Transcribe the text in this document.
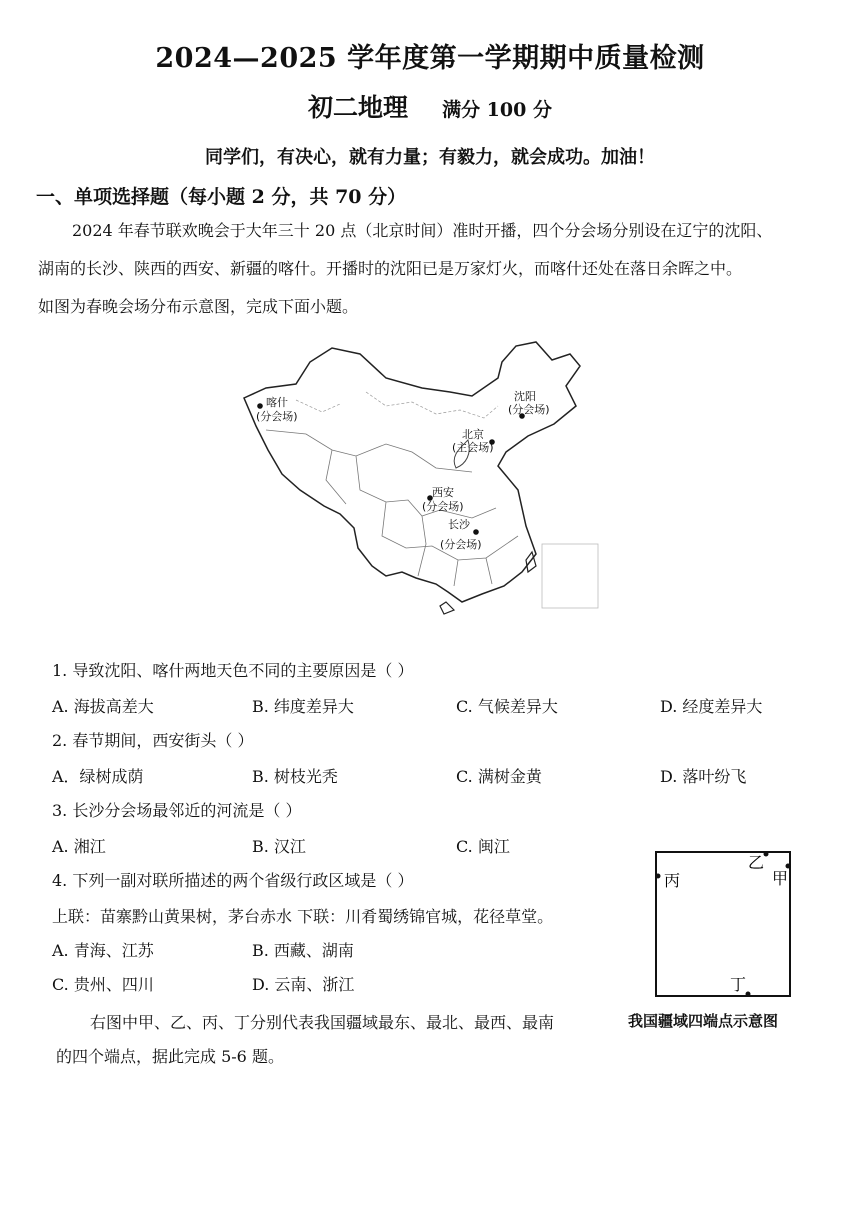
2024—2025 学年度第一学期期中质量检测
初二地理 满分 100 分
同学们，有决心，就有力量；有毅力，就会成功。加油！
一、单项选择题（每小题 2 分，共 70 分）
2024 年春节联欢晚会于大年三十 20 点（北京时间）准时开播，四个分会场分别设在辽宁的沈阳、
湖南的长沙、陕西的西安、新疆的喀什。开播时的沈阳已是万家灯火，而喀什还处在落日余晖之中。
如图为春晚会场分布示意图，完成下面小题。
喀什
(分会场)
沈阳
(分会场)
北京
(主会场)
西安
(分会场)
长沙
(分会场)
1. 导致沈阳、喀什两地天色不同的主要原因是（ ）
A. 海拔高差大	B. 纬度差异大	C. 气候差异大	D. 经度差异大
2. 春节期间，西安街头（ ）
A．绿树成荫	B. 树枝光秃	C. 满树金黄	D. 落叶纷飞
3. 长沙分会场最邻近的河流是（ ）
A. 湘江	B. 汉江	C. 闽江
4. 下列一副对联所描述的两个省级行政区域是（ ）
上联：苗寨黔山黄果树，茅台赤水 下联：川肴蜀绣锦官城，花径草堂。
A. 青海、江苏	B. 西藏、湖南
C. 贵州、四川	D. 云南、浙江
右图中甲、乙、丙、丁分别代表我国疆域最东、最北、最西、最南
的四个端点，据此完成 5-6 题。
乙
甲
丙
丁
我国疆域四端点示意图
